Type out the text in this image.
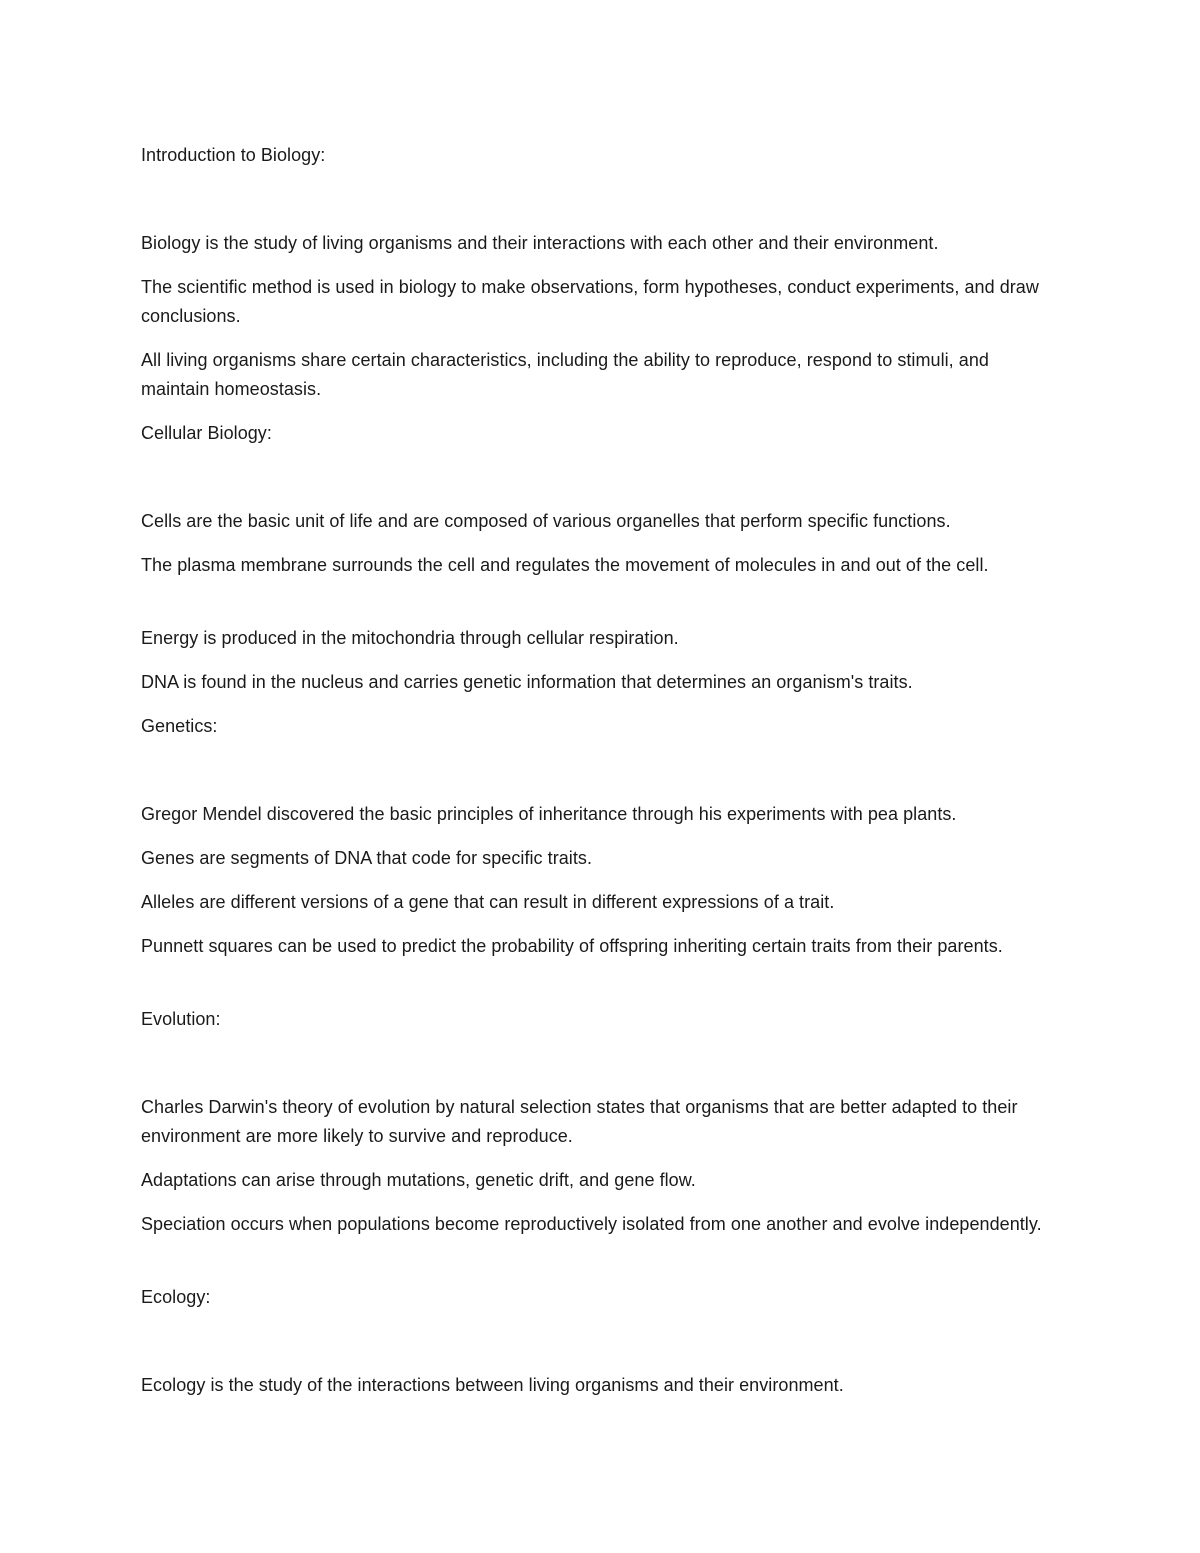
Introduction to Biology:

Biology is the study of living organisms and their interactions with each other and their environment.

The scientific method is used in biology to make observations, form hypotheses, conduct experiments, and draw conclusions.

All living organisms share certain characteristics, including the ability to reproduce, respond to stimuli, and maintain homeostasis.

Cellular Biology:

Cells are the basic unit of life and are composed of various organelles that perform specific functions.

The plasma membrane surrounds the cell and regulates the movement of molecules in and out of the cell.

Energy is produced in the mitochondria through cellular respiration.

DNA is found in the nucleus and carries genetic information that determines an organism's traits.

Genetics:

Gregor Mendel discovered the basic principles of inheritance through his experiments with pea plants.

Genes are segments of DNA that code for specific traits.

Alleles are different versions of a gene that can result in different expressions of a trait.

Punnett squares can be used to predict the probability of offspring inheriting certain traits from their parents.

Evolution:

Charles Darwin's theory of evolution by natural selection states that organisms that are better adapted to their environment are more likely to survive and reproduce.

Adaptations can arise through mutations, genetic drift, and gene flow.

Speciation occurs when populations become reproductively isolated from one another and evolve independently.

Ecology:

Ecology is the study of the interactions between living organisms and their environment.
